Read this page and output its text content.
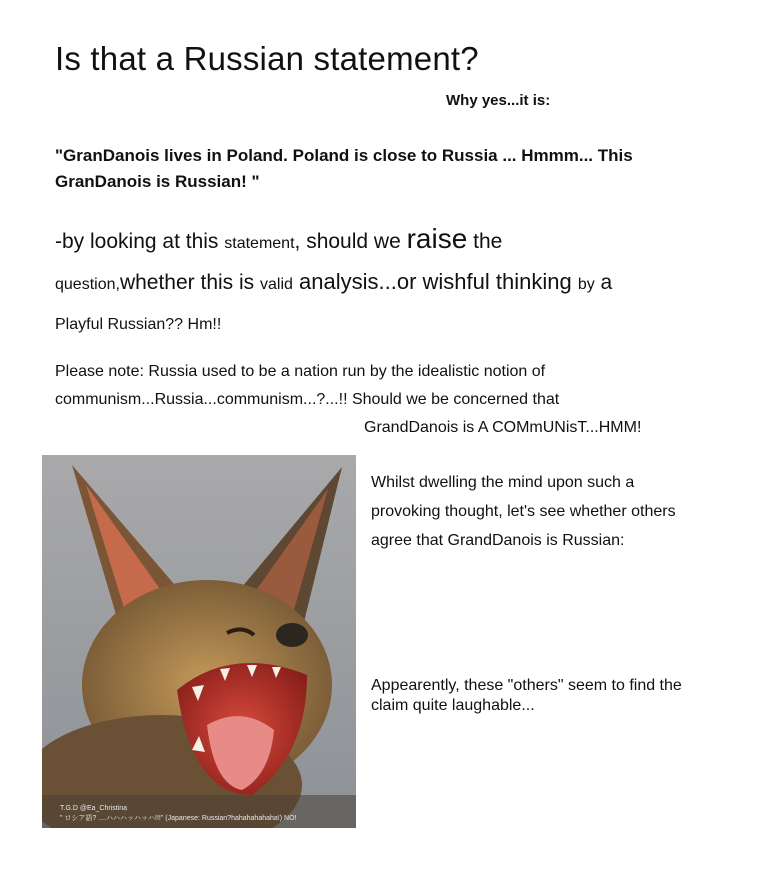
Is that a Russian statement?
Why yes...it is:
"GranDanois lives in Poland. Poland is close to Russia ... Hmmm... This GranDanois is Russian! "
-by looking at this statement, should we raise the
question,whether this is valid analysis...or wishful thinking by a
Playful Russian?? Hm!!
Please note: Russia used to be a nation run by the idealistic notion of communism...Russia...communism...?...!! Should we be concerned that
GrandDanois is A COMmUNisT...HMM!
T.G.D @Ea_Christina
" ロシア語? ....ハハハッハッハ!!!" (Japanese: Russian?hahahahahaha!) NO!
Whilst dwelling the mind upon such a provoking thought, let's see whether others agree that GrandDanois is Russian:
Appearently, these "others" seem to find the claim quite laughable...
